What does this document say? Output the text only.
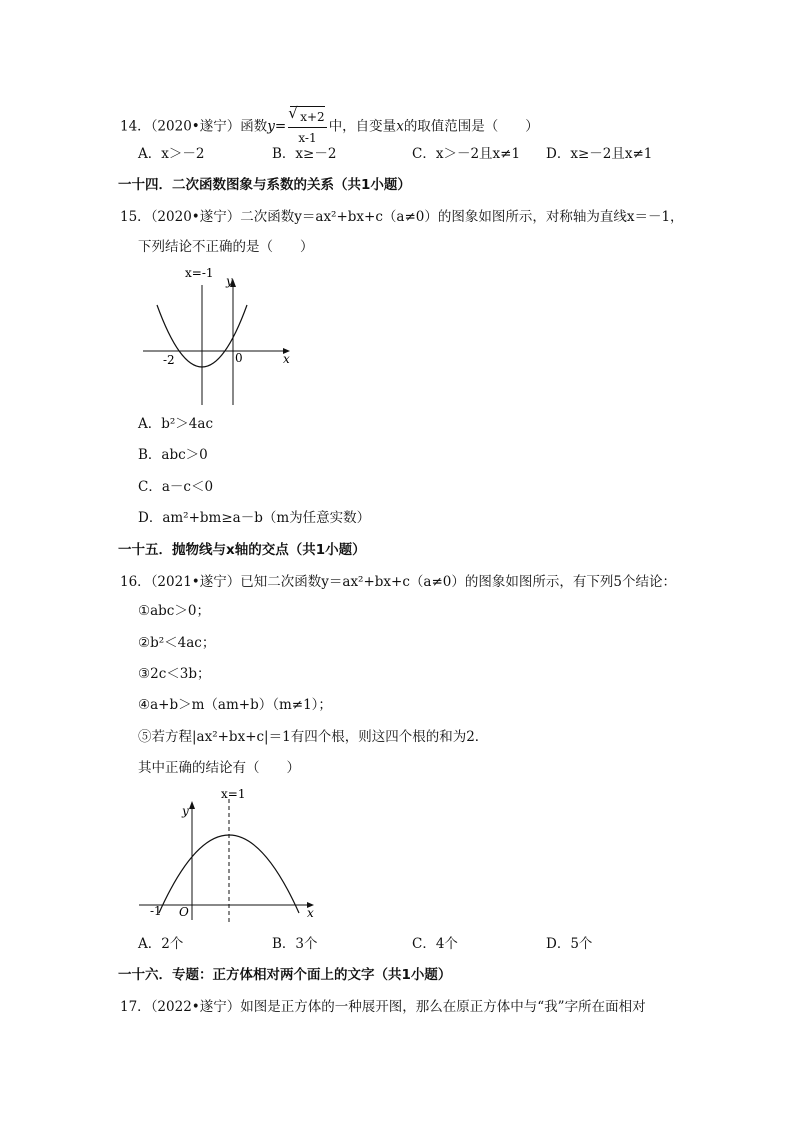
14．（2020•遂宁）函数y=
√ $\frac{x+2}{x-1}$ 中，自变量x的取值范围是（　　）
A．x＞－2	B．x≥－2	C．x＞－2且x≠1 D．x≥－2且x≠1
一十四．二次函数图象与系数的关系（共1小题）
15．（2020•遂宁）二次函数y＝ax²+bx+c（a≠0）的图象如图所示，对称轴为直线x＝－1，
下列结论不正确的是（　　）
x=-1
y
x
-2	0
A．b²＞4ac
B．abc＞0
C．a－c＜0
D．am²+bm≥a－b（m为任意实数）
一十五．抛物线与x轴的交点（共1小题）
16．（2021•遂宁）已知二次函数y＝ax²+bx+c（a≠0）的图象如图所示，有下列5个结论：
①abc＞0；
②b²＜4ac；
③2c＜3b；
④a+b＞m（am+b）（m≠1）；
⑤若方程|ax²+bx+c|＝1有四个根，则这四个根的和为2．
其中正确的结论有（　　）
x=1
y
x
-1 O
A．2个	B．3个	C．4个	D．5个
一十六．专题：正方体相对两个面上的文字（共1小题）
17．（2022•遂宁）如图是正方体的一种展开图，那么在原正方体中与“我”字所在面相对
